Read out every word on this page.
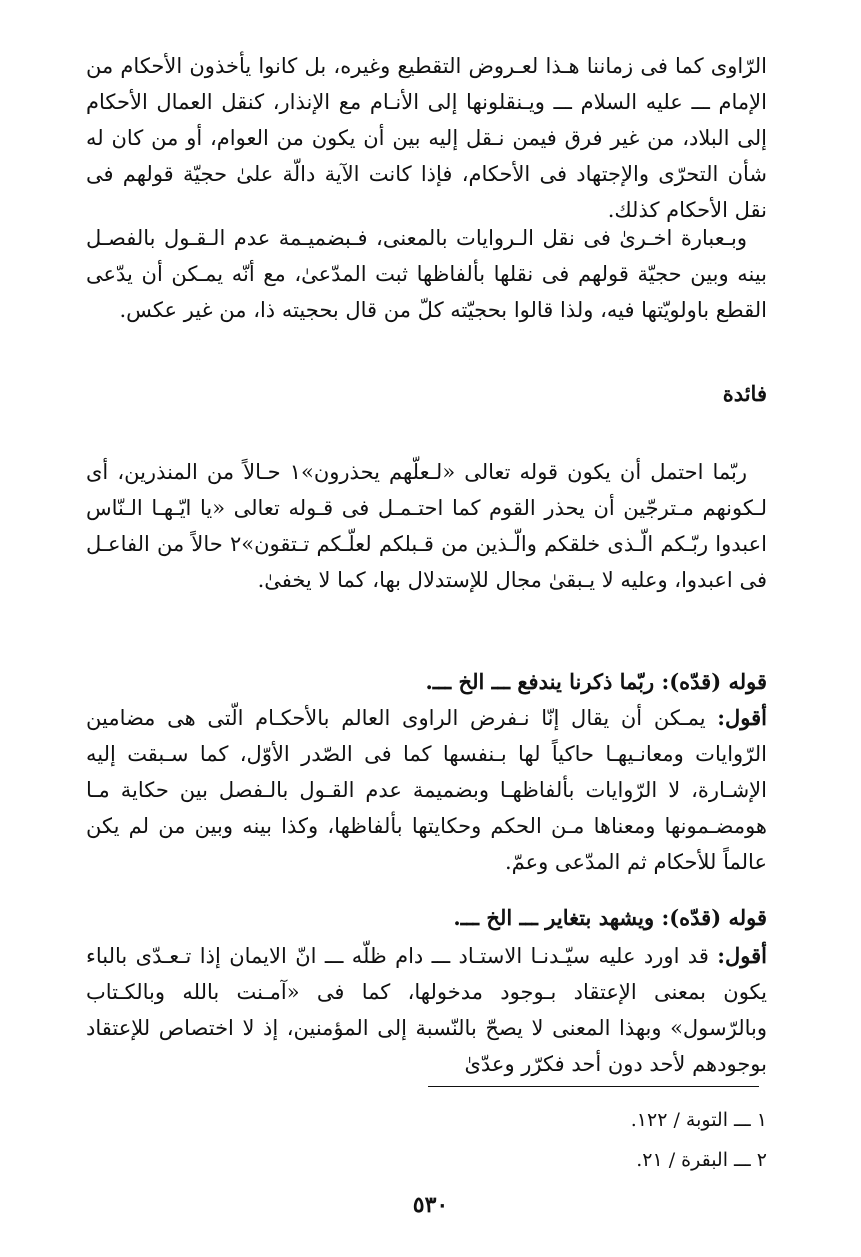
الرّاوی کما فی زماننا هـذا لعـروض التقطیع وغیره، بل کانوا یأخذون الأحکام من الإمام ـــ علیه السلام ـــ ویـنقلونها إلی الأنـام مع الإنذار، کنقل العمال الأحکام إلی البلاد، من غیر فرق فیمن نـقل إلیه بین أن یکون من العوام، أو من کان له شأن التحرّی والإجتهاد فی الأحکام، فإذا کانت الآیة دالّة علیٰ حجیّة قولهم فی نقل الأحکام کذلك.

وبـعبارة اخـریٰ فی نقل الـروایات بالمعنی، فـبضمیـمة عدم الـقـول بالفصـل بینه وبین حجیّة قولهم فی نقلها بألفاظها ثبت المدّعیٰ، مع أنّه یمـکن أن یدّعی القطع باولویّتها فیه، ولذا قالوا بحجیّته کلّ من قال بحجیته ذا، من غیر عکس.

فائدة

ربّما احتمل أن یکون قوله تعالی «لـعلّهم یحذرون»١ حـالاً من المنذرین، أی لـکونهم مـترجّین أن یحذر القوم کما احتـمـل فی قـوله تعالی «یا ایّـهـا الـنّاس اعبدوا ربّـکم الّـذی خلقکم والّـذین من قـبلکم لعلّـکم تـتقون»٢ حالاً من الفاعـل فی اعبدوا، وعلیه لا یـبقیٰ مجال للإستدلال بها، کما لا یخفیٰ.

قوله (قدّه): ربّما ذکرنا یندفع ـــ الخ ـــ.

أقول: یمـکن أن یقال إنّا نـفرض الراوی العالم بالأحکـام الّتی هی مضامین الرّوایات ومعانـیهـا حاکیاً لها بـنفسها کما فی الصّدر الأوّل، کما سـبقت إلیه الإشـارة، لا الرّوایات بألفاظهـا وبضمیمة عدم القـول بالـفصل بین حکایة مـا هومضـمونها ومعناها مـن الحکم وحکایتها بألفاظها، وکذا بینه وبین من لم یکن عالماً للأحکام ثم المدّعی وعمّ.

قوله (قدّه): ویشهد بتغایر ـــ الخ ـــ.

أقول: قد اورد علیه سیّـدنـا الاستـاد ـــ دام ظلّه ـــ انّ الایمان إذا تـعـدّی بالباء یکون بمعنی الإعتقاد بـوجود مدخولها، کما فی «آمـنت بالله وبالکـتاب وبالرّسول» وبهذا المعنی لا یصحّ بالنّسبة إلی المؤمنین، إذ لا اختصاص للإعتقاد بوجودهم لأحد دون أحد فکرّر وعدّیٰ

١ ـــ التوبة / ١٢٢.

٢ ـــ البقرة / ٢١.

٥٣٠
